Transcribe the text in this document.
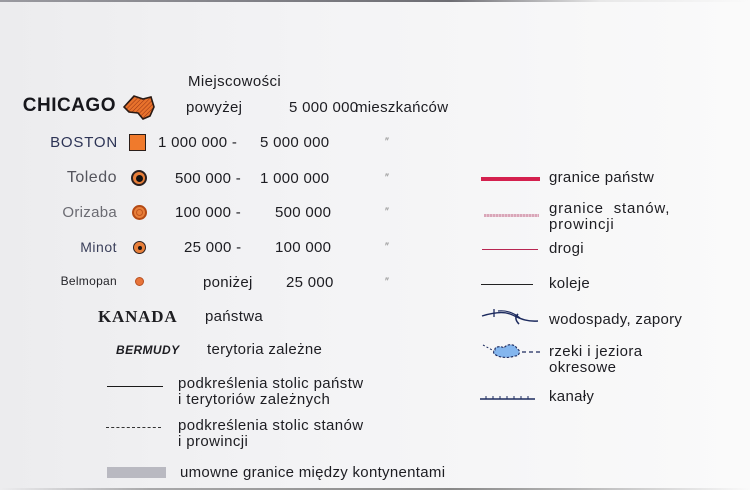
Miejscowości
CHICAGO	powyżej	5 000 000
mieszkańców
BOSTON	1 000 000 - 5 000 000	″
Toledo	500 000 - 1 000 000	″
Orizaba	100 000 - 500 000	″
Minot	25 000 - 100 000	″
Belmopan	poniżej 25 000	″
KANADA państwa
BERMUDY terytoria zależne
podkreślenia stolic państw
i terytoriów zależnych
podkreślenia stolic stanów
i prowincji
umowne granice między kontynentami
granice państw
granice  stanów,
prowincji
drogi
koleje
wodospady, zapory
rzeki i jeziora
okresowe
kanały
